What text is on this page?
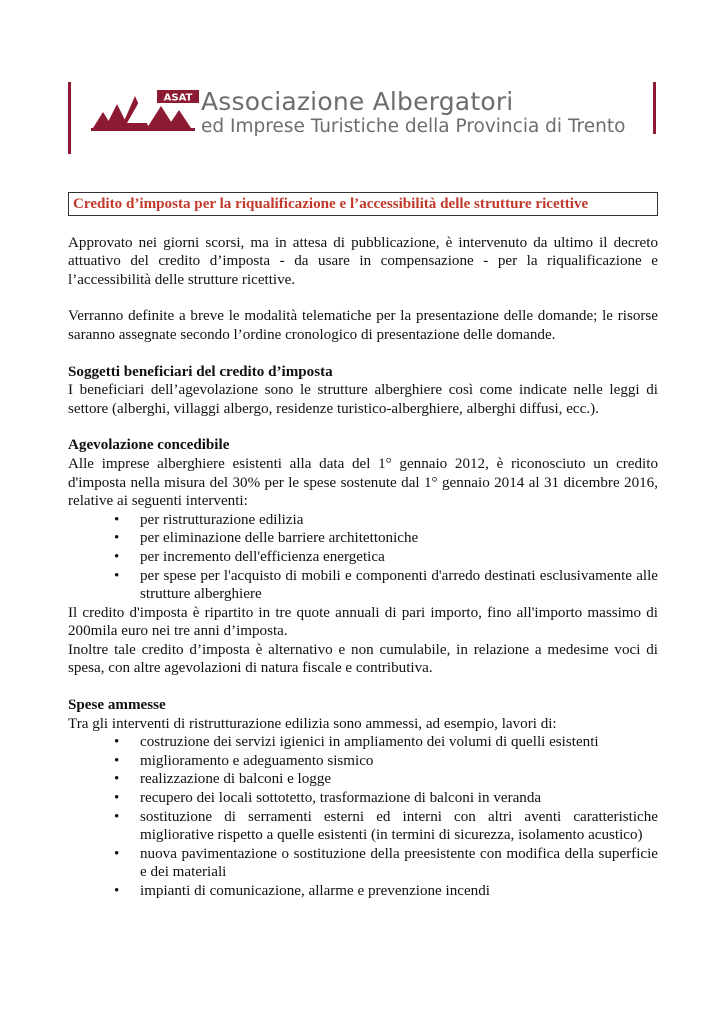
ASAT Associazione Albergatori
ed Imprese Turistiche della Provincia di Trento
Credito d’imposta per la riqualificazione e l’accessibilità delle strutture ricettive

Approvato nei giorni scorsi, ma in attesa di pubblicazione, è intervenuto da ultimo il decreto attuativo del credito d’imposta - da usare in compensazione - per la riqualificazione e l’accessibilità delle strutture ricettive.

Verranno definite a breve le modalità telematiche per la presentazione delle domande; le risorse saranno assegnate secondo l’ordine cronologico di presentazione delle domande.

Soggetti beneficiari del credito d’imposta

I beneficiari dell’agevolazione sono le strutture alberghiere così come indicate nelle leggi di settore (alberghi, villaggi albergo, residenze turistico-alberghiere, alberghi diffusi, ecc.).

Agevolazione concedibile

Alle imprese alberghiere esistenti alla data del 1° gennaio 2012, è riconosciuto un credito d'imposta nella misura del 30% per le spese sostenute dal 1° gennaio 2014 al 31 dicembre 2016, relative ai seguenti interventi:

• per ristrutturazione edilizia
• per eliminazione delle barriere architettoniche
• per incremento dell'efficienza energetica
• per spese per l'acquisto di mobili e componenti d'arredo destinati esclusivamente alle strutture alberghiere

Il credito d'imposta è ripartito in tre quote annuali di pari importo, fino all'importo massimo di 200mila euro nei tre anni d’imposta.

Inoltre tale credito d’imposta è alternativo e non cumulabile, in relazione a medesime voci di spesa, con altre agevolazioni di natura fiscale e contributiva.

Spese ammesse

Tra gli interventi di ristrutturazione edilizia sono ammessi, ad esempio, lavori di:

• costruzione dei servizi igienici in ampliamento dei volumi di quelli esistenti
• miglioramento e adeguamento sismico
• realizzazione di balconi e logge
• recupero dei locali sottotetto, trasformazione di balconi in veranda
• sostituzione di serramenti esterni ed interni con altri aventi caratteristiche migliorative rispetto a quelle esistenti (in termini di sicurezza, isolamento acustico)
• nuova pavimentazione o sostituzione della preesistente con modifica della superficie e dei materiali
• impianti di comunicazione, allarme e prevenzione incendi
